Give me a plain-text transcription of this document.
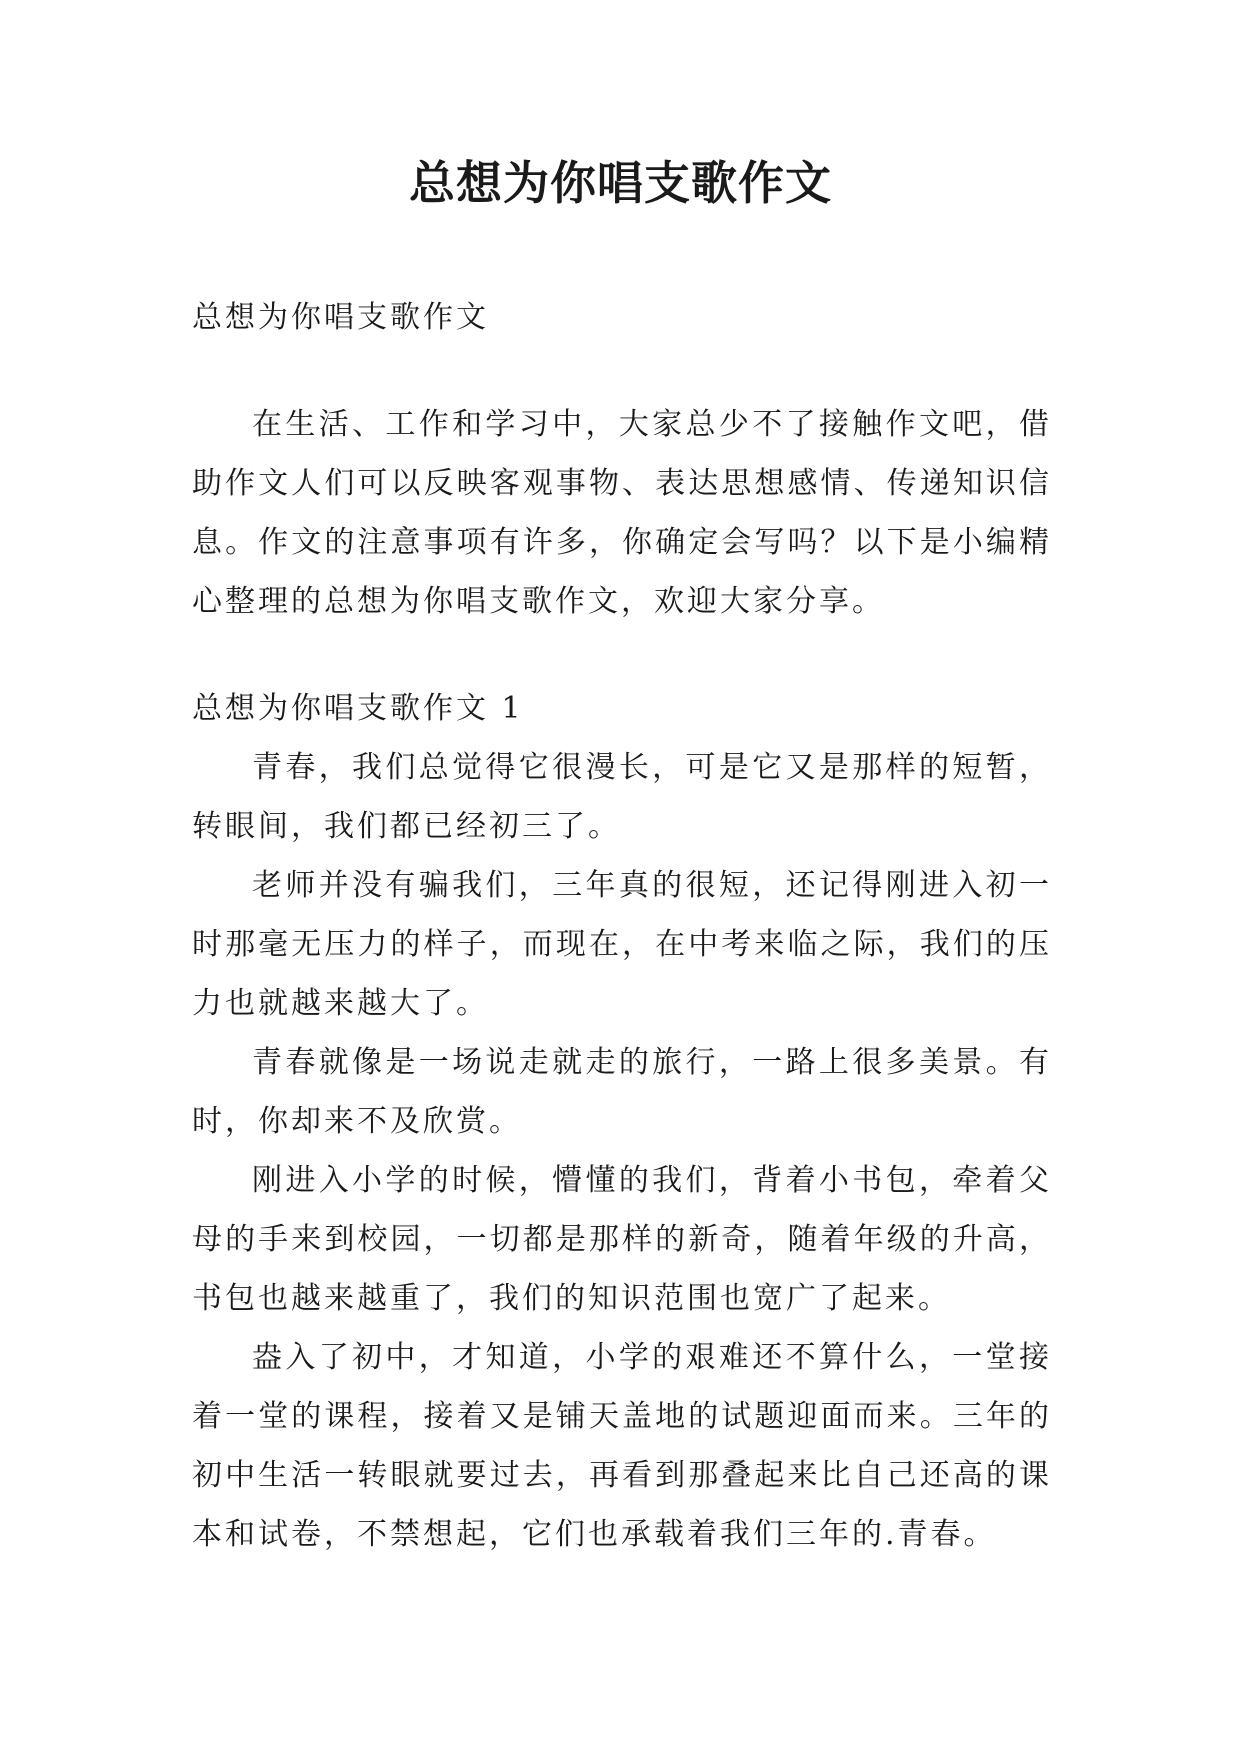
总想为你唱支歌作文

总想为你唱支歌作文

在生活、工作和学习中，大家总少不了接触作文吧，借助作文人们可以反映客观事物、表达思想感情、传递知识信息。作文的注意事项有许多，你确定会写吗？以下是小编精心整理的总想为你唱支歌作文，欢迎大家分享。

总想为你唱支歌作文 1

青春，我们总觉得它很漫长，可是它又是那样的短暂，转眼间，我们都已经初三了。

老师并没有骗我们，三年真的很短，还记得刚进入初一时那毫无压力的样子，而现在，在中考来临之际，我们的压力也就越来越大了。

青春就像是一场说走就走的旅行，一路上很多美景。有时，你却来不及欣赏。

刚进入小学的时候，懵懂的我们，背着小书包，牵着父母的手来到校园，一切都是那样的新奇，随着年级的升高，书包也越来越重了，我们的知识范围也宽广了起来。

盎入了初中，才知道，小学的艰难还不算什么，一堂接着一堂的课程，接着又是铺天盖地的试题迎面而来。三年的初中生活一转眼就要过去，再看到那叠起来比自己还高的课本和试卷，不禁想起，它们也承载着我们三年的.青春。
